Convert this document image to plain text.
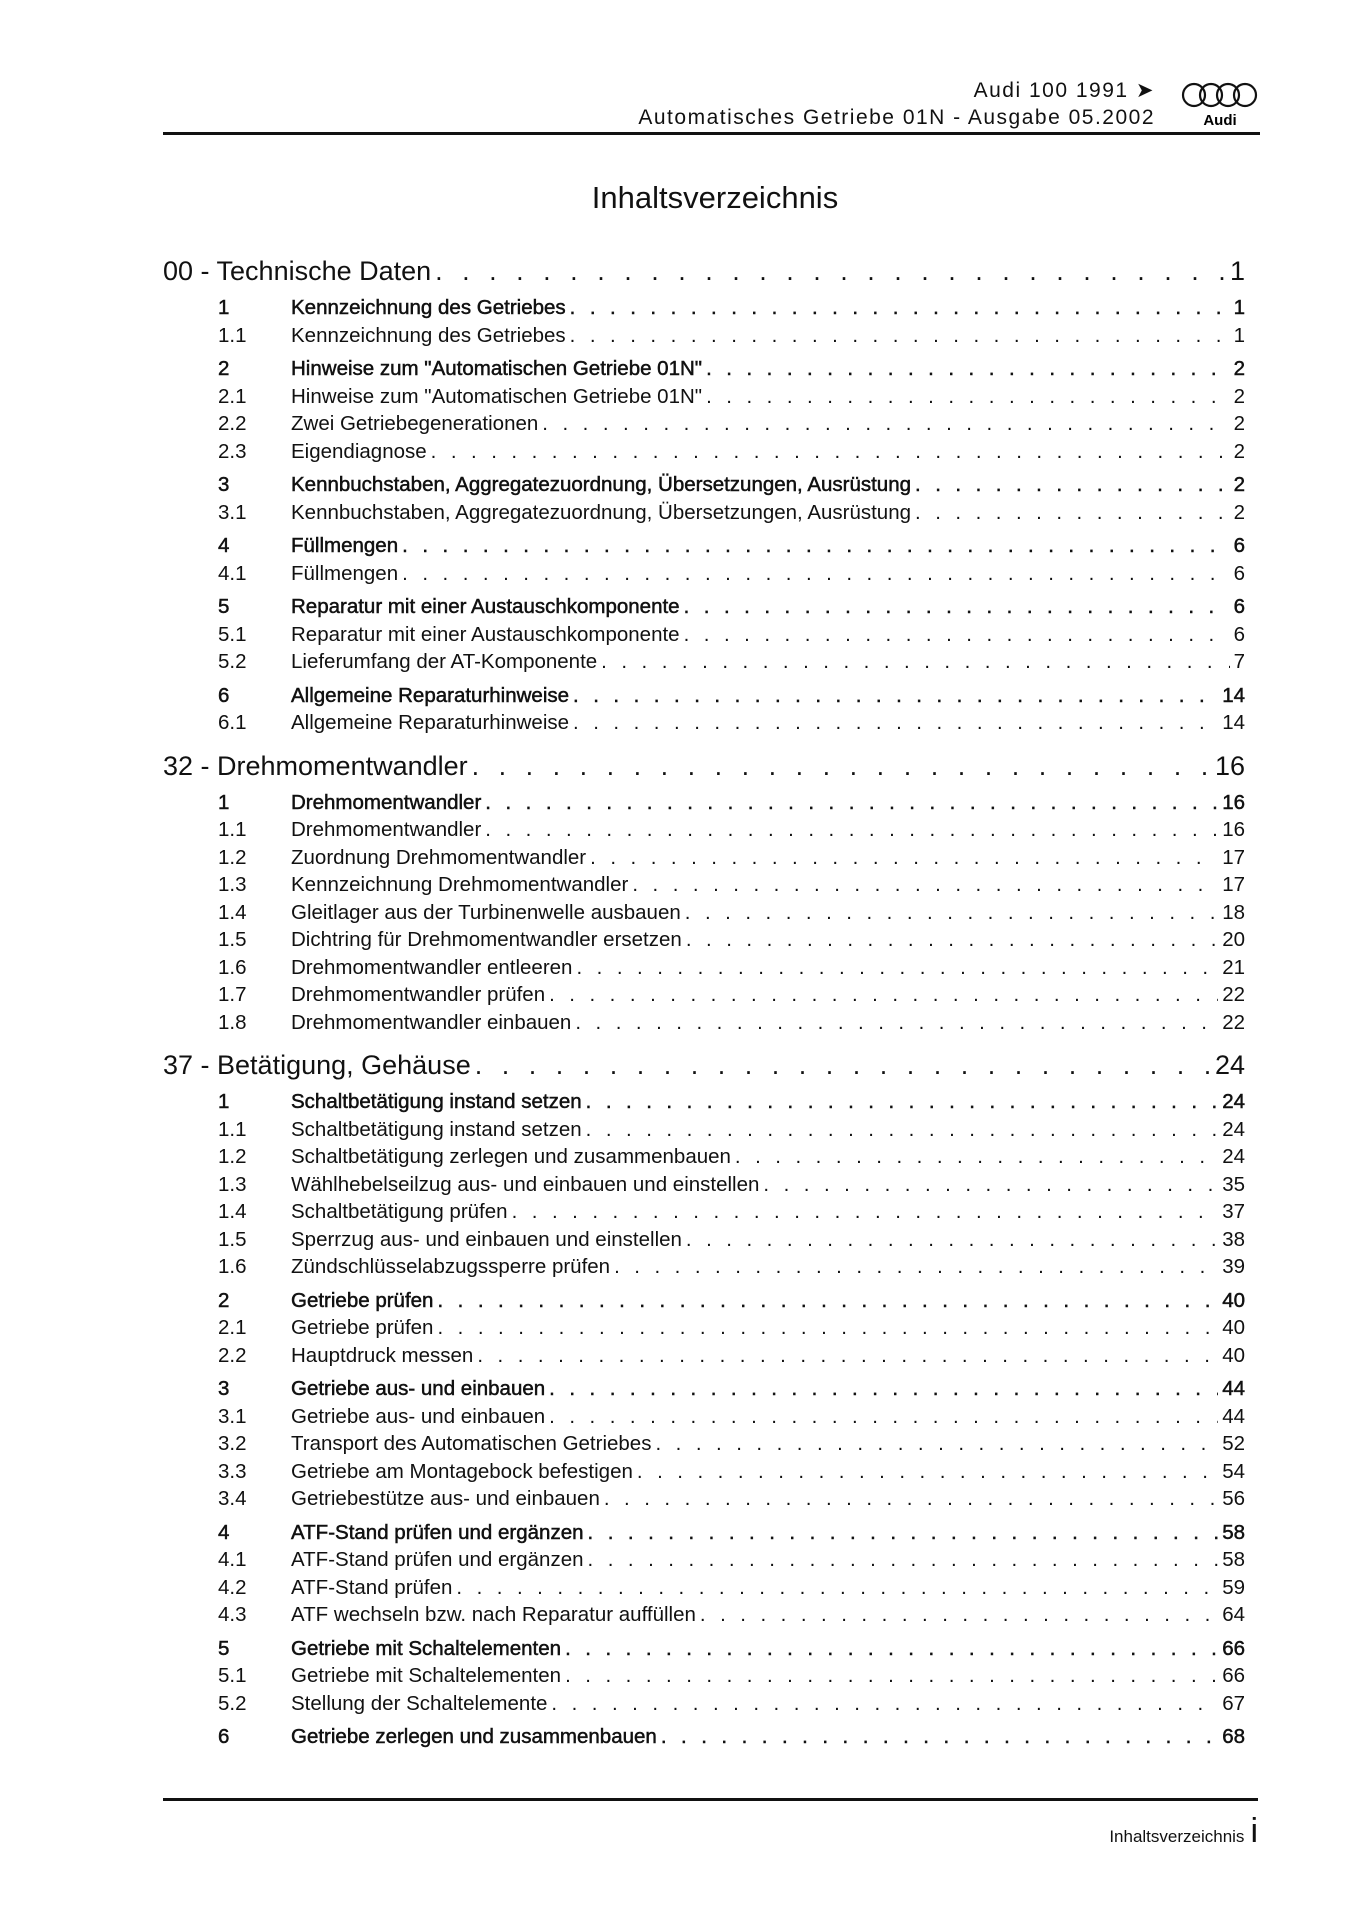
Audi 100 1991 ➤
Automatisches Getriebe 01N - Ausgabe 05.2002	Audi
Inhaltsverzeichnis
00 - Technische Daten . . .	1
1	Kennzeichnung des Getriebes . . .	1
1.1	Kennzeichnung des Getriebes . . .	1
2	Hinweise zum "Automatischen Getriebe 01N" . . .	2
2.1	Hinweise zum "Automatischen Getriebe 01N" . . .	2
2.2	Zwei Getriebegenerationen . . .	2
2.3	Eigendiagnose . . .	2
3	Kennbuchstaben, Aggregatezuordnung, Übersetzungen, Ausrüstung . . .	2
3.1	Kennbuchstaben, Aggregatezuordnung, Übersetzungen, Ausrüstung . . .	2
4	Füllmengen . . .	6
4.1	Füllmengen . . .	6
5	Reparatur mit einer Austauschkomponente . . .	6
5.1	Reparatur mit einer Austauschkomponente . . .	6
5.2	Lieferumfang der AT-Komponente . . .	7
6	Allgemeine Reparaturhinweise . . .	14
6.1	Allgemeine Reparaturhinweise . . .	14
32 - Drehmomentwandler . . .	16
1	Drehmomentwandler . . .	16
1.1	Drehmomentwandler . . .	16
1.2	Zuordnung Drehmomentwandler . . .	17
1.3	Kennzeichnung Drehmomentwandler . . .	17
1.4	Gleitlager aus der Turbinenwelle ausbauen . . .	18
1.5	Dichtring für Drehmomentwandler ersetzen . . .	20
1.6	Drehmomentwandler entleeren . . .	21
1.7	Drehmomentwandler prüfen . . .	22
1.8	Drehmomentwandler einbauen . . .	22
37 - Betätigung, Gehäuse . . .	24
1	Schaltbetätigung instand setzen . . .	24
1.1	Schaltbetätigung instand setzen . . .	24
1.2	Schaltbetätigung zerlegen und zusammenbauen . . .	24
1.3	Wählhebelseilzug aus- und einbauen und einstellen . . .	35
1.4	Schaltbetätigung prüfen . . .	37
1.5	Sperrzug aus- und einbauen und einstellen . . .	38
1.6	Zündschlüsselabzugssperre prüfen . . .	39
2	Getriebe prüfen . . .	40
2.1	Getriebe prüfen . . .	40
2.2	Hauptdruck messen . . .	40
3	Getriebe aus- und einbauen . . .	44
3.1	Getriebe aus- und einbauen . . .	44
3.2	Transport des Automatischen Getriebes . . .	52
3.3	Getriebe am Montagebock befestigen . . .	54
3.4	Getriebestütze aus- und einbauen . . .	56
4	ATF-Stand prüfen und ergänzen . . .	58
4.1	ATF-Stand prüfen und ergänzen . . .	58
4.2	ATF-Stand prüfen . . .	59
4.3	ATF wechseln bzw. nach Reparatur auffüllen . . .	64
5	Getriebe mit Schaltelementen . . .	66
5.1	Getriebe mit Schaltelementen . . .	66
5.2	Stellung der Schaltelemente . . .	67
6	Getriebe zerlegen und zusammenbauen . . .	68
Inhaltsverzeichnis i
